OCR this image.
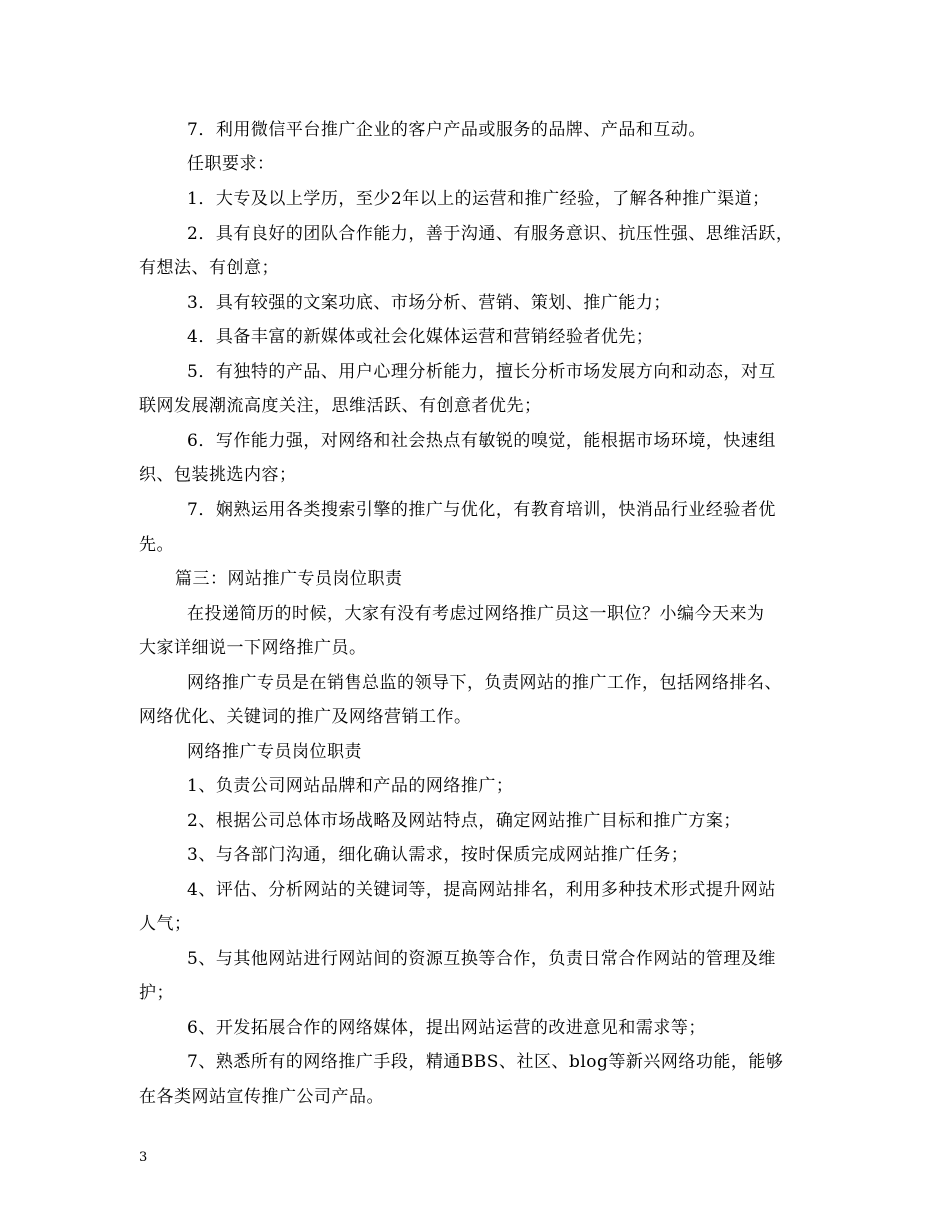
7．利用微信平台推广企业的客户产品或服务的品牌、产品和互动。
任职要求：
1．大专及以上学历，至少2年以上的运营和推广经验，了解各种推广渠道；
2．具有良好的团队合作能力，善于沟通、有服务意识、抗压性强、思维活跃，
有想法、有创意；
3．具有较强的文案功底、市场分析、营销、策划、推广能力；
4．具备丰富的新媒体或社会化媒体运营和营销经验者优先；
5．有独特的产品、用户心理分析能力，擅长分析市场发展方向和动态，对互
联网发展潮流高度关注，思维活跃、有创意者优先；
6．写作能力强，对网络和社会热点有敏锐的嗅觉，能根据市场环境，快速组
织、包装挑选内容；
7．娴熟运用各类搜索引擎的推广与优化，有教育培训，快消品行业经验者优
先。
篇三：网站推广专员岗位职责
在投递简历的时候，大家有没有考虑过网络推广员这一职位？小编今天来为
大家详细说一下网络推广员。
网络推广专员是在销售总监的领导下，负责网站的推广工作，包括网络排名、
网络优化、关键词的推广及网络营销工作。
网络推广专员岗位职责
1、负责公司网站品牌和产品的网络推广；
2、根据公司总体市场战略及网站特点，确定网站推广目标和推广方案；
3、与各部门沟通，细化确认需求，按时保质完成网站推广任务；
4、评估、分析网站的关键词等，提高网站排名，利用多种技术形式提升网站
人气；
5、与其他网站进行网站间的资源互换等合作，负责日常合作网站的管理及维
护；
6、开发拓展合作的网络媒体，提出网站运营的改进意见和需求等；
7、熟悉所有的网络推广手段，精通BBS、社区、blog等新兴网络功能，能够
在各类网站宣传推广公司产品。
3
